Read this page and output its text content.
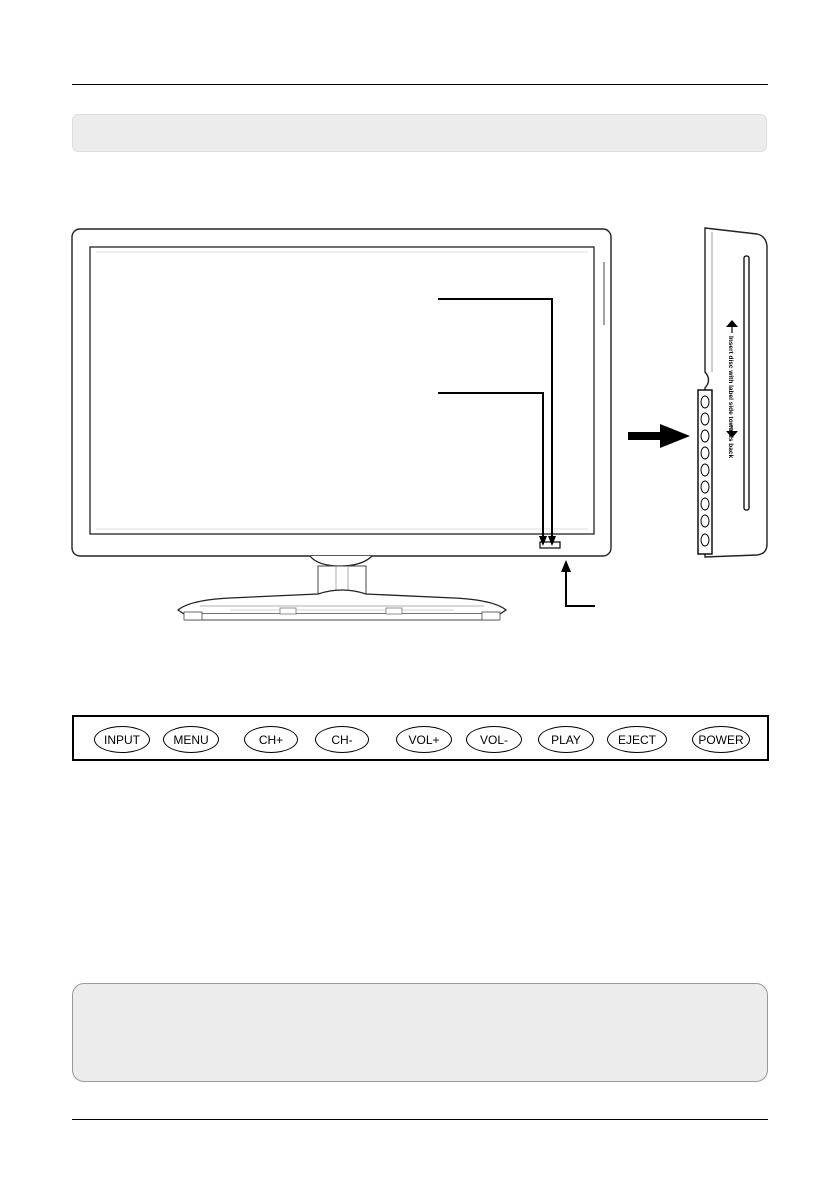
Insert disc with label side towards back
INPUT	MENU	CH+	CH-	VOL+	VOL-	PLAY	EJECT	POWER
